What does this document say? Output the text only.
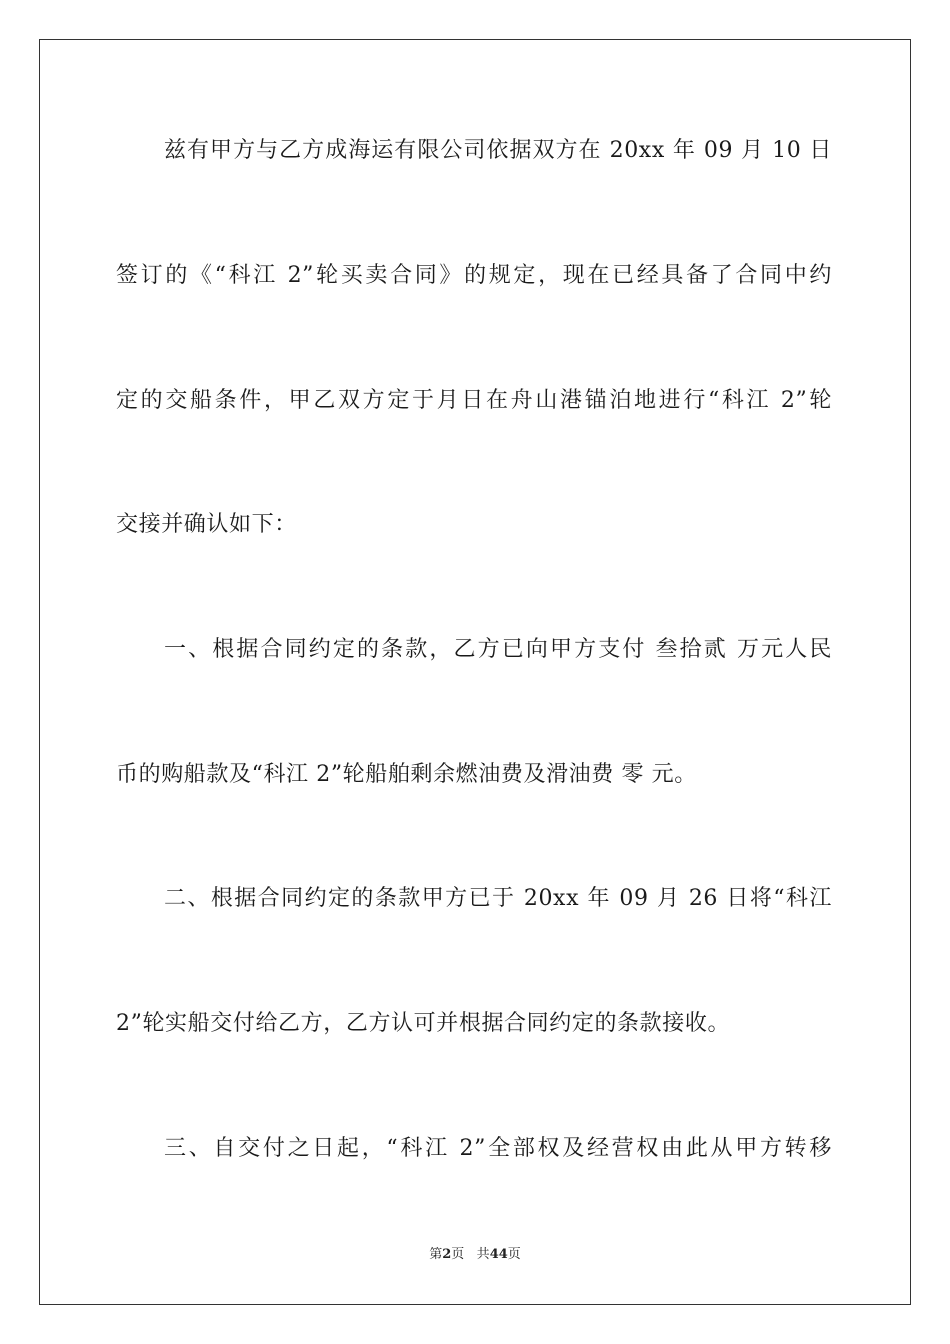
兹有甲方与乙方成海运有限公司依据双方在 20xx 年 09 月 10 日
签订的《“科江 2”轮买卖合同》的规定，现在已经具备了合同中约
定的交船条件，甲乙双方定于月日在舟山港锚泊地进行“科江 2”轮
交接并确认如下：
一、根据合同约定的条款，乙方已向甲方支付 叁拾贰 万元人民
币的购船款及“科江 2”轮船舶剩余燃油费及滑油费 零 元。
二、根据合同约定的条款甲方已于 20xx 年 09 月 26 日将“科江
2”轮实船交付给乙方，乙方认可并根据合同约定的条款接收。
三、自交付之日起，“科江 2”全部权及经营权由此从甲方转移
第2页 共44页
